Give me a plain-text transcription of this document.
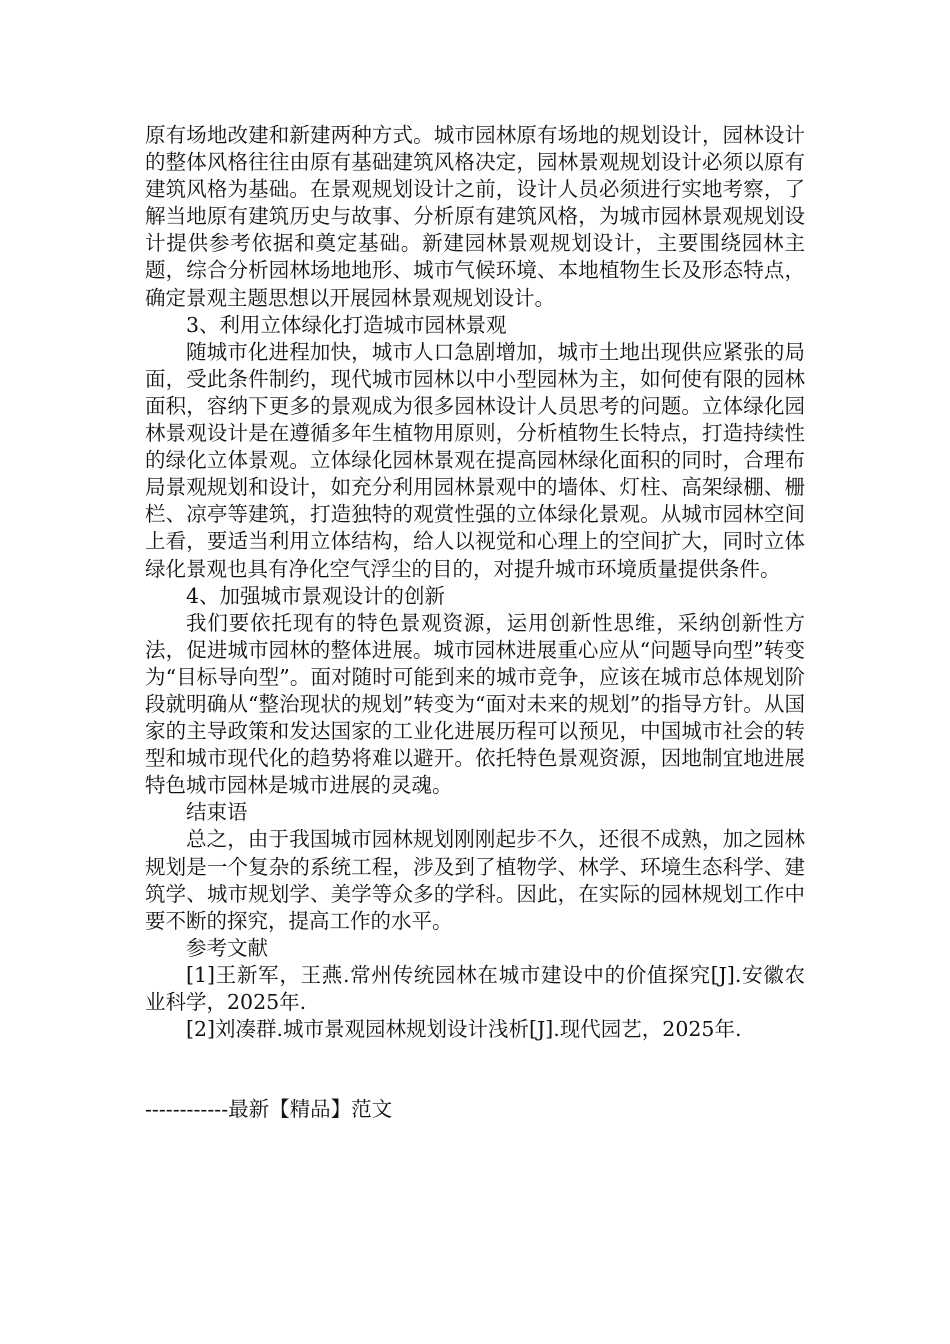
原有场地改建和新建两种方式。城市园林原有场地的规划设计，园林设计的整体风格往往由原有基础建筑风格决定，园林景观规划设计必须以原有建筑风格为基础。在景观规划设计之前，设计人员必须进行实地考察，了解当地原有建筑历史与故事、分析原有建筑风格，为城市园林景观规划设计提供参考依据和奠定基础。新建园林景观规划设计，主要围绕园林主题，综合分析园林场地地形、城市气候环境、本地植物生长及形态特点，确定景观主题思想以开展园林景观规划设计。

3、利用立体绿化打造城市园林景观

随城市化进程加快，城市人口急剧增加，城市土地出现供应紧张的局面，受此条件制约，现代城市园林以中小型园林为主，如何使有限的园林面积，容纳下更多的景观成为很多园林设计人员思考的问题。立体绿化园林景观设计是在遵循多年生植物用原则，分析植物生长特点，打造持续性的绿化立体景观。立体绿化园林景观在提高园林绿化面积的同时，合理布局景观规划和设计，如充分利用园林景观中的墙体、灯柱、高架绿棚、栅栏、凉亭等建筑，打造独特的观赏性强的立体绿化景观。从城市园林空间上看，要适当利用立体结构，给人以视觉和心理上的空间扩大，同时立体绿化景观也具有净化空气浮尘的目的，对提升城市环境质量提供条件。

4、加强城市景观设计的创新

我们要依托现有的特色景观资源，运用创新性思维，采纳创新性方法，促进城市园林的整体进展。城市园林进展重心应从“问题导向型”转变为“目标导向型”。面对随时可能到来的城市竞争，应该在城市总体规划阶段就明确从“整治现状的规划”转变为“面对未来的规划”的指导方针。从国家的主导政策和发达国家的工业化进展历程可以预见，中国城市社会的转型和城市现代化的趋势将难以避开。依托特色景观资源，因地制宜地进展特色城市园林是城市进展的灵魂。

结束语

总之，由于我国城市园林规划刚刚起步不久，还很不成熟，加之园林规划是一个复杂的系统工程，涉及到了植物学、林学、环境生态科学、建筑学、城市规划学、美学等众多的学科。因此，在实际的园林规划工作中要不断的探究，提高工作的水平。

参考文献

[1]王新军，王燕.常州传统园林在城市建设中的价值探究[J].安徽农业科学，2025年.

[2]刘凑群.城市景观园林规划设计浅析[J].现代园艺，2025年.

------------最新【精品】范文
